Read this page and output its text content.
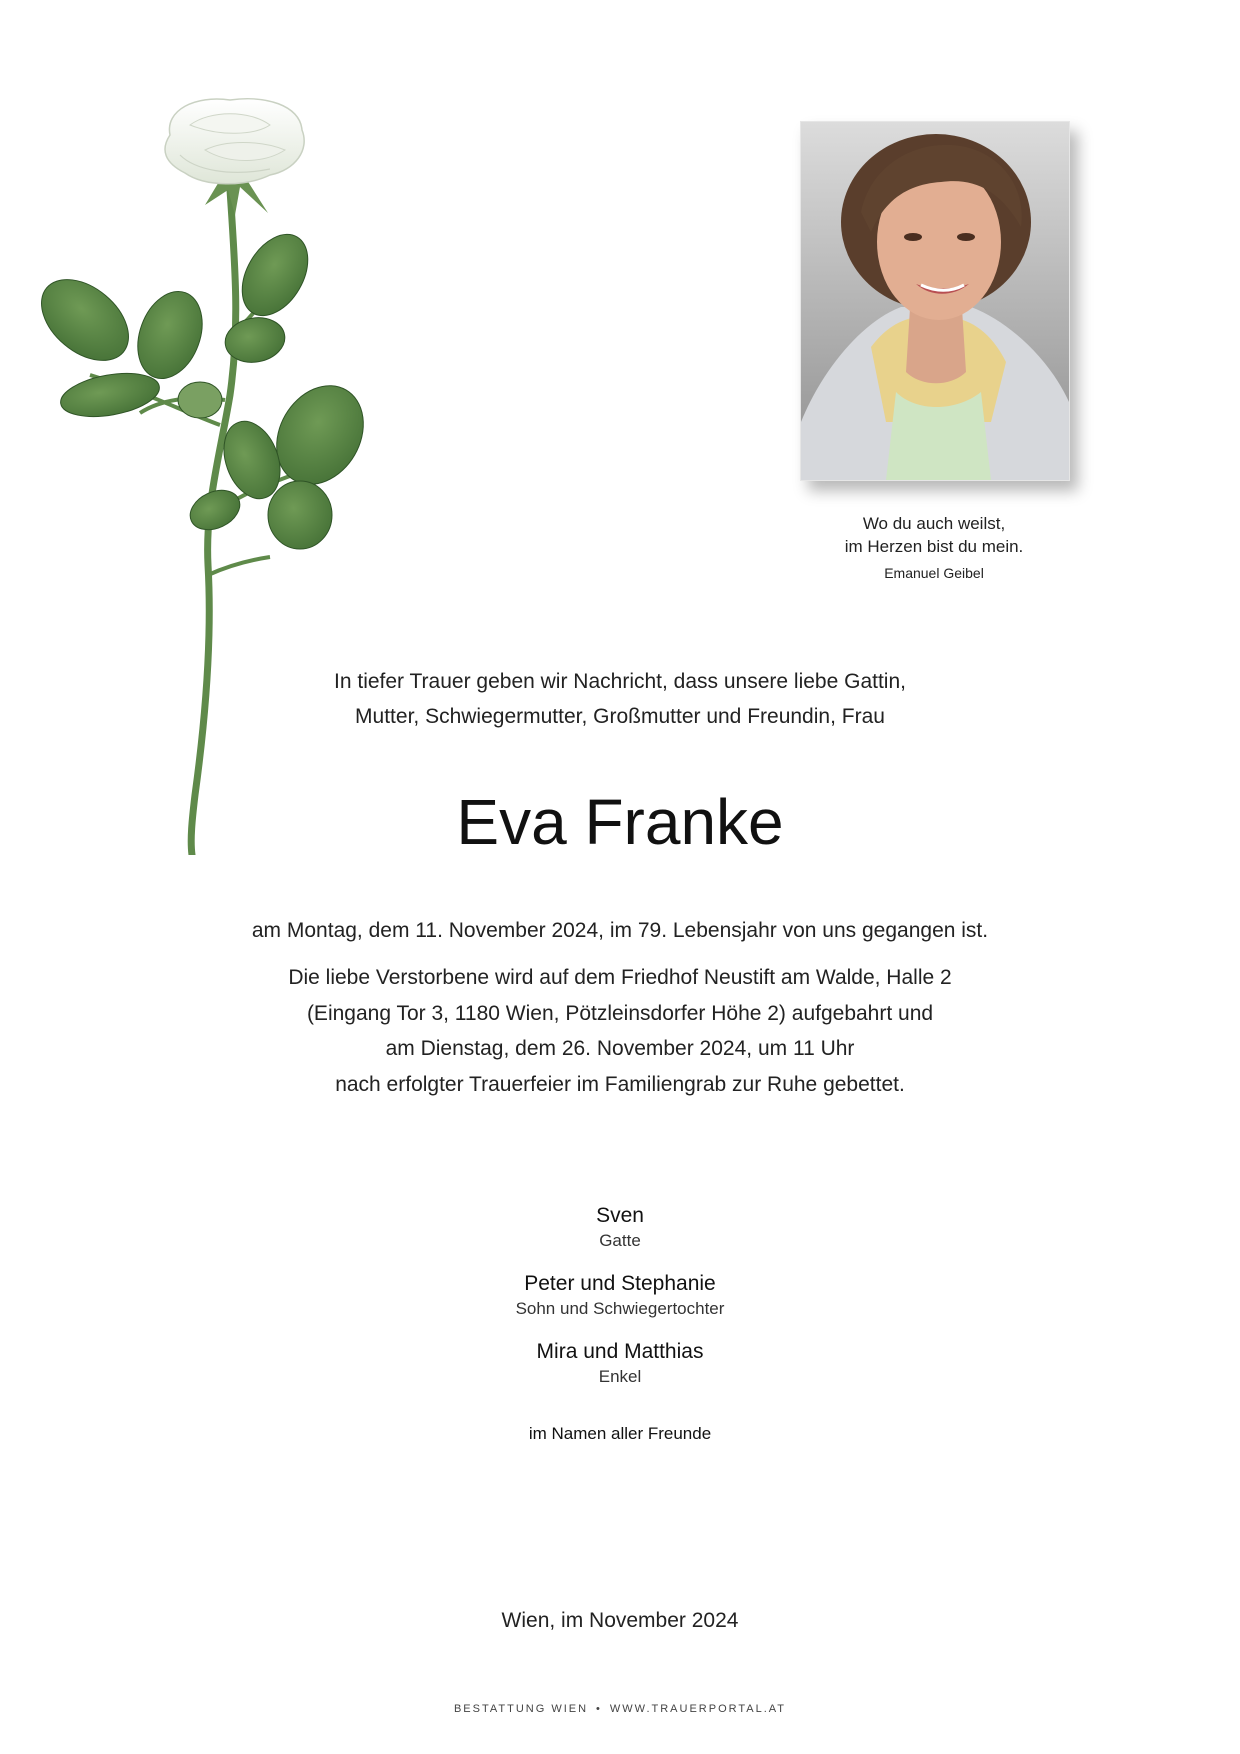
Wo du auch weilst,
im Herzen bist du mein.
Emanuel Geibel
In tiefer Trauer geben wir Nachricht, dass unsere liebe Gattin,
Mutter, Schwiegermutter, Großmutter und Freundin, Frau
Eva Franke
am Montag, dem 11. November 2024, im 79. Lebensjahr von uns gegangen ist.
Die liebe Verstorbene wird auf dem Friedhof Neustift am Walde, Halle 2
(Eingang Tor 3, 1180 Wien, Pötzleinsdorfer Höhe 2) aufgebahrt und
am Dienstag, dem 26. November 2024, um 11 Uhr
nach erfolgter Trauerfeier im Familiengrab zur Ruhe gebettet.
Sven
Gatte
Peter und Stephanie
Sohn und Schwiegertochter
Mira und Matthias
Enkel
im Namen aller Freunde
Wien, im November 2024
BESTATTUNG WIEN • WWW.TRAUERPORTAL.AT
